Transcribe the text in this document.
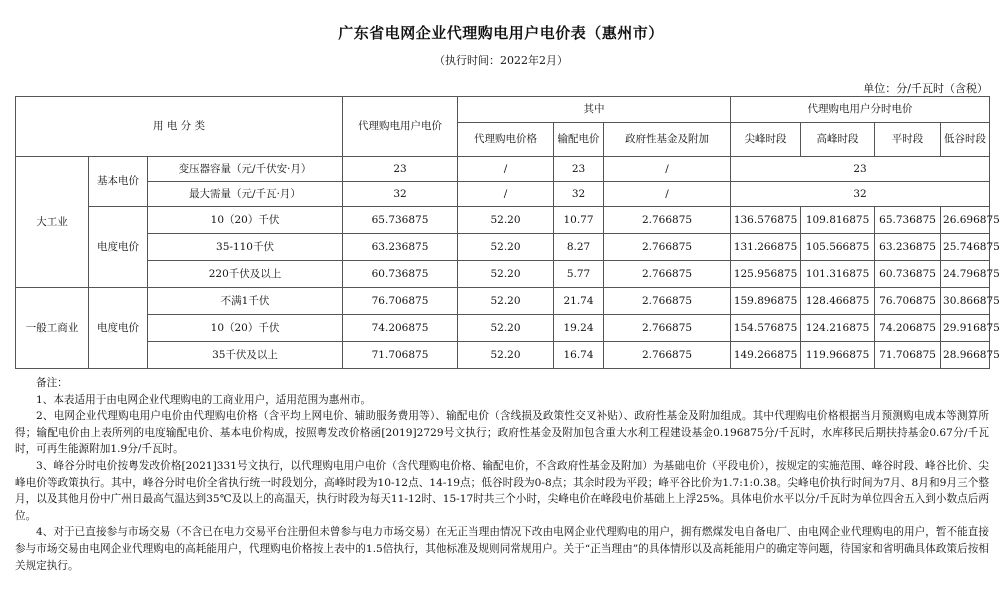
广东省电网企业代理购电用户电价表（惠州市）
（执行时间：2022年2月）
单位：分/千瓦时（含税）
用 电 分 类			代理购电用户电价	其中			代理购电用户分时电价			
				代理购电价格	输配电价	政府性基金及附加	尖峰时段	高峰时段	平时段	低谷时段
大工业	基本电价	变压器容量（元/千伏安·月）	23	/	23	/	23			
		最大需量（元/千瓦·月）	32	/	32	/	32			
	电度电价	10（20）千伏	65.736875	52.20	10.77	2.766875	136.576875	109.816875	65.736875	26.696875
		35-110千伏	63.236875	52.20	8.27	2.766875	131.266875	105.566875	63.236875	25.746875
		220千伏及以上	60.736875	52.20	5.77	2.766875	125.956875	101.316875	60.736875	24.796875
一般工商业	电度电价	不满1千伏	76.706875	52.20	21.74	2.766875	159.896875	128.466875	76.706875	30.866875
		10（20）千伏	74.206875	52.20	19.24	2.766875	154.576875	124.216875	74.206875	29.916875
		35千伏及以上	71.706875	52.20	16.74	2.766875	149.266875	119.966875	71.706875	28.966875

备注：

1、本表适用于由电网企业代理购电的工商业用户，适用范围为惠州市。

2、电网企业代理购电用户电价由代理购电价格（含平均上网电价、辅助服务费用等）、输配电价（含线损及政策性交叉补贴）、政府性基金及附加组成。其中代理购电价格根据当月预测购电成本等测算所得；输配电价由上表所列的电度输配电价、基本电价构成，按照粤发改价格函[2019]2729号文执行；政府性基金及附加包含重大水利工程建设基金0.196875分/千瓦时，水库移民后期扶持基金0.67分/千瓦时，可再生能源附加1.9分/千瓦时。

3、峰谷分时电价按粤发改价格[2021]331号文执行，以代理购电用户电价（含代理购电价格、输配电价，不含政府性基金及附加）为基础电价（平段电价），按规定的实施范围、峰谷时段、峰谷比价、尖峰电价等政策执行。其中，峰谷分时电价全省执行统一时段划分，高峰时段为10-12点、14-19点；低谷时段为0-8点；其余时段为平段；峰平谷比价为1.7:1:0.38。尖峰电价执行时间为7月、8月和9月三个整月，以及其他月份中广州日最高气温达到35℃及以上的高温天，执行时段为每天11-12时、15-17时共三个小时，尖峰电价在峰段电价基础上上浮25%。具体电价水平以分/千瓦时为单位四舍五入到小数点后两位。

4、对于已直接参与市场交易（不含已在电力交易平台注册但未曾参与电力市场交易）在无正当理由情况下改由电网企业代理购电的用户，拥有燃煤发电自备电厂、由电网企业代理购电的用户，暂不能直接参与市场交易由电网企业代理购电的高耗能用户，代理购电价格按上表中的1.5倍执行，其他标准及规则同常规用户。关于“正当理由”的具体情形以及高耗能用户的确定等问题，待国家和省明确具体政策后按相关规定执行。
